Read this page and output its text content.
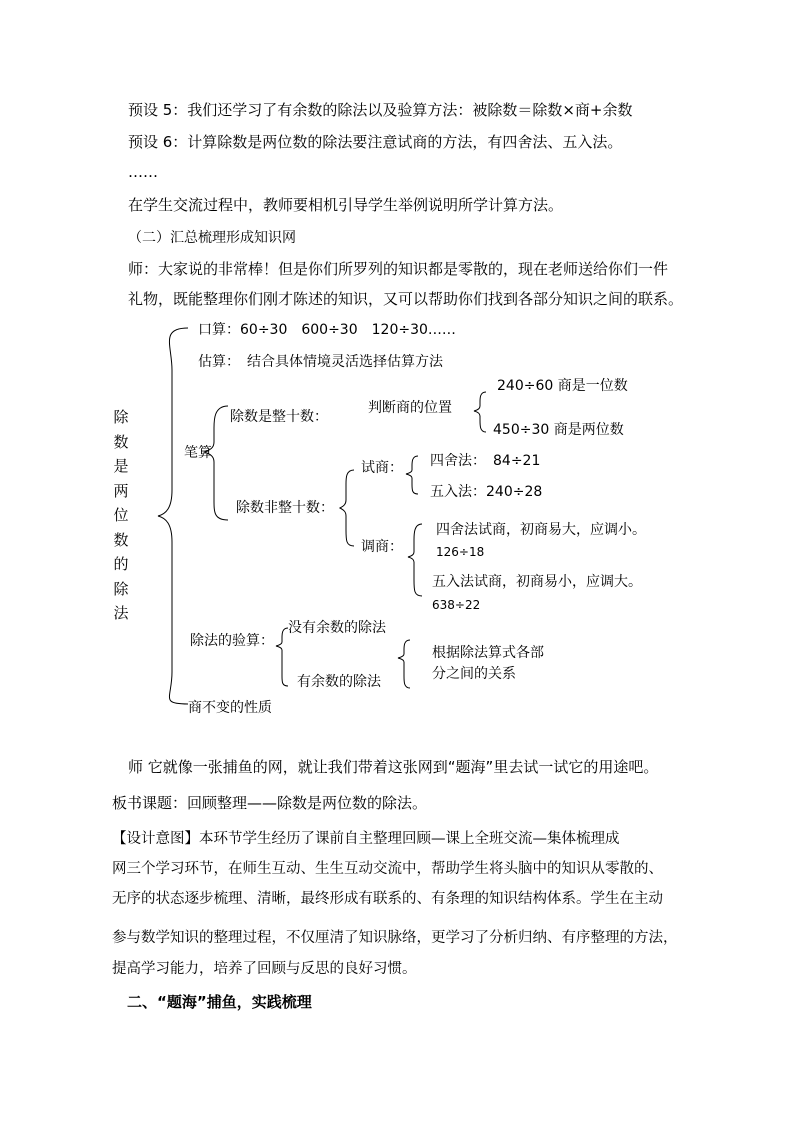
预设 5：我们还学习了有余数的除法以及验算方法：被除数＝除数×商+余数
预设 6：计算除数是两位数的除法要注意试商的方法，有四舍法、五入法。
……
在学生交流过程中，教师要相机引导学生举例说明所学计算方法。
（二）汇总梳理形成知识网
师：大家说的非常棒！但是你们所罗列的知识都是零散的，现在老师送给你们一件
礼物，既能整理你们刚才陈述的知识，又可以帮助你们找到各部分知识之间的联系。
除数是两位数的除法
口算：60÷30　600÷30　120÷30……
估算：　结合具体情境灵活选择估算方法
笔算
除数是整十数：
判断商的位置
240÷60 商是一位数
450÷30 商是两位数
除数非整十数：
试商： 四舍法：　84÷21
五入法：240÷28
调商：
四舍法试商，初商易大，应调小。
126÷18
五入法试商，初商易小，应调大。
638÷22
除法的验算：
没有余数的除法
有余数的除法
根据除法算式各部
分之间的关系
商不变的性质
师 它就像一张捕鱼的网，就让我们带着这张网到“题海”里去试一试它的用途吧。
板书课题：回顾整理——除数是两位数的除法。
【设计意图】本环节学生经历了课前自主整理回顾—课上全班交流—集体梳理成
网三个学习环节，在师生互动、生生互动交流中，帮助学生将头脑中的知识从零散的、
无序的状态逐步梳理、清晰，最终形成有联系的、有条理的知识结构体系。学生在主动
参与数学知识的整理过程，不仅厘清了知识脉络，更学习了分析归纳、有序整理的方法，
提高学习能力，培养了回顾与反思的良好习惯。
二、“题海”捕鱼，实践梳理
